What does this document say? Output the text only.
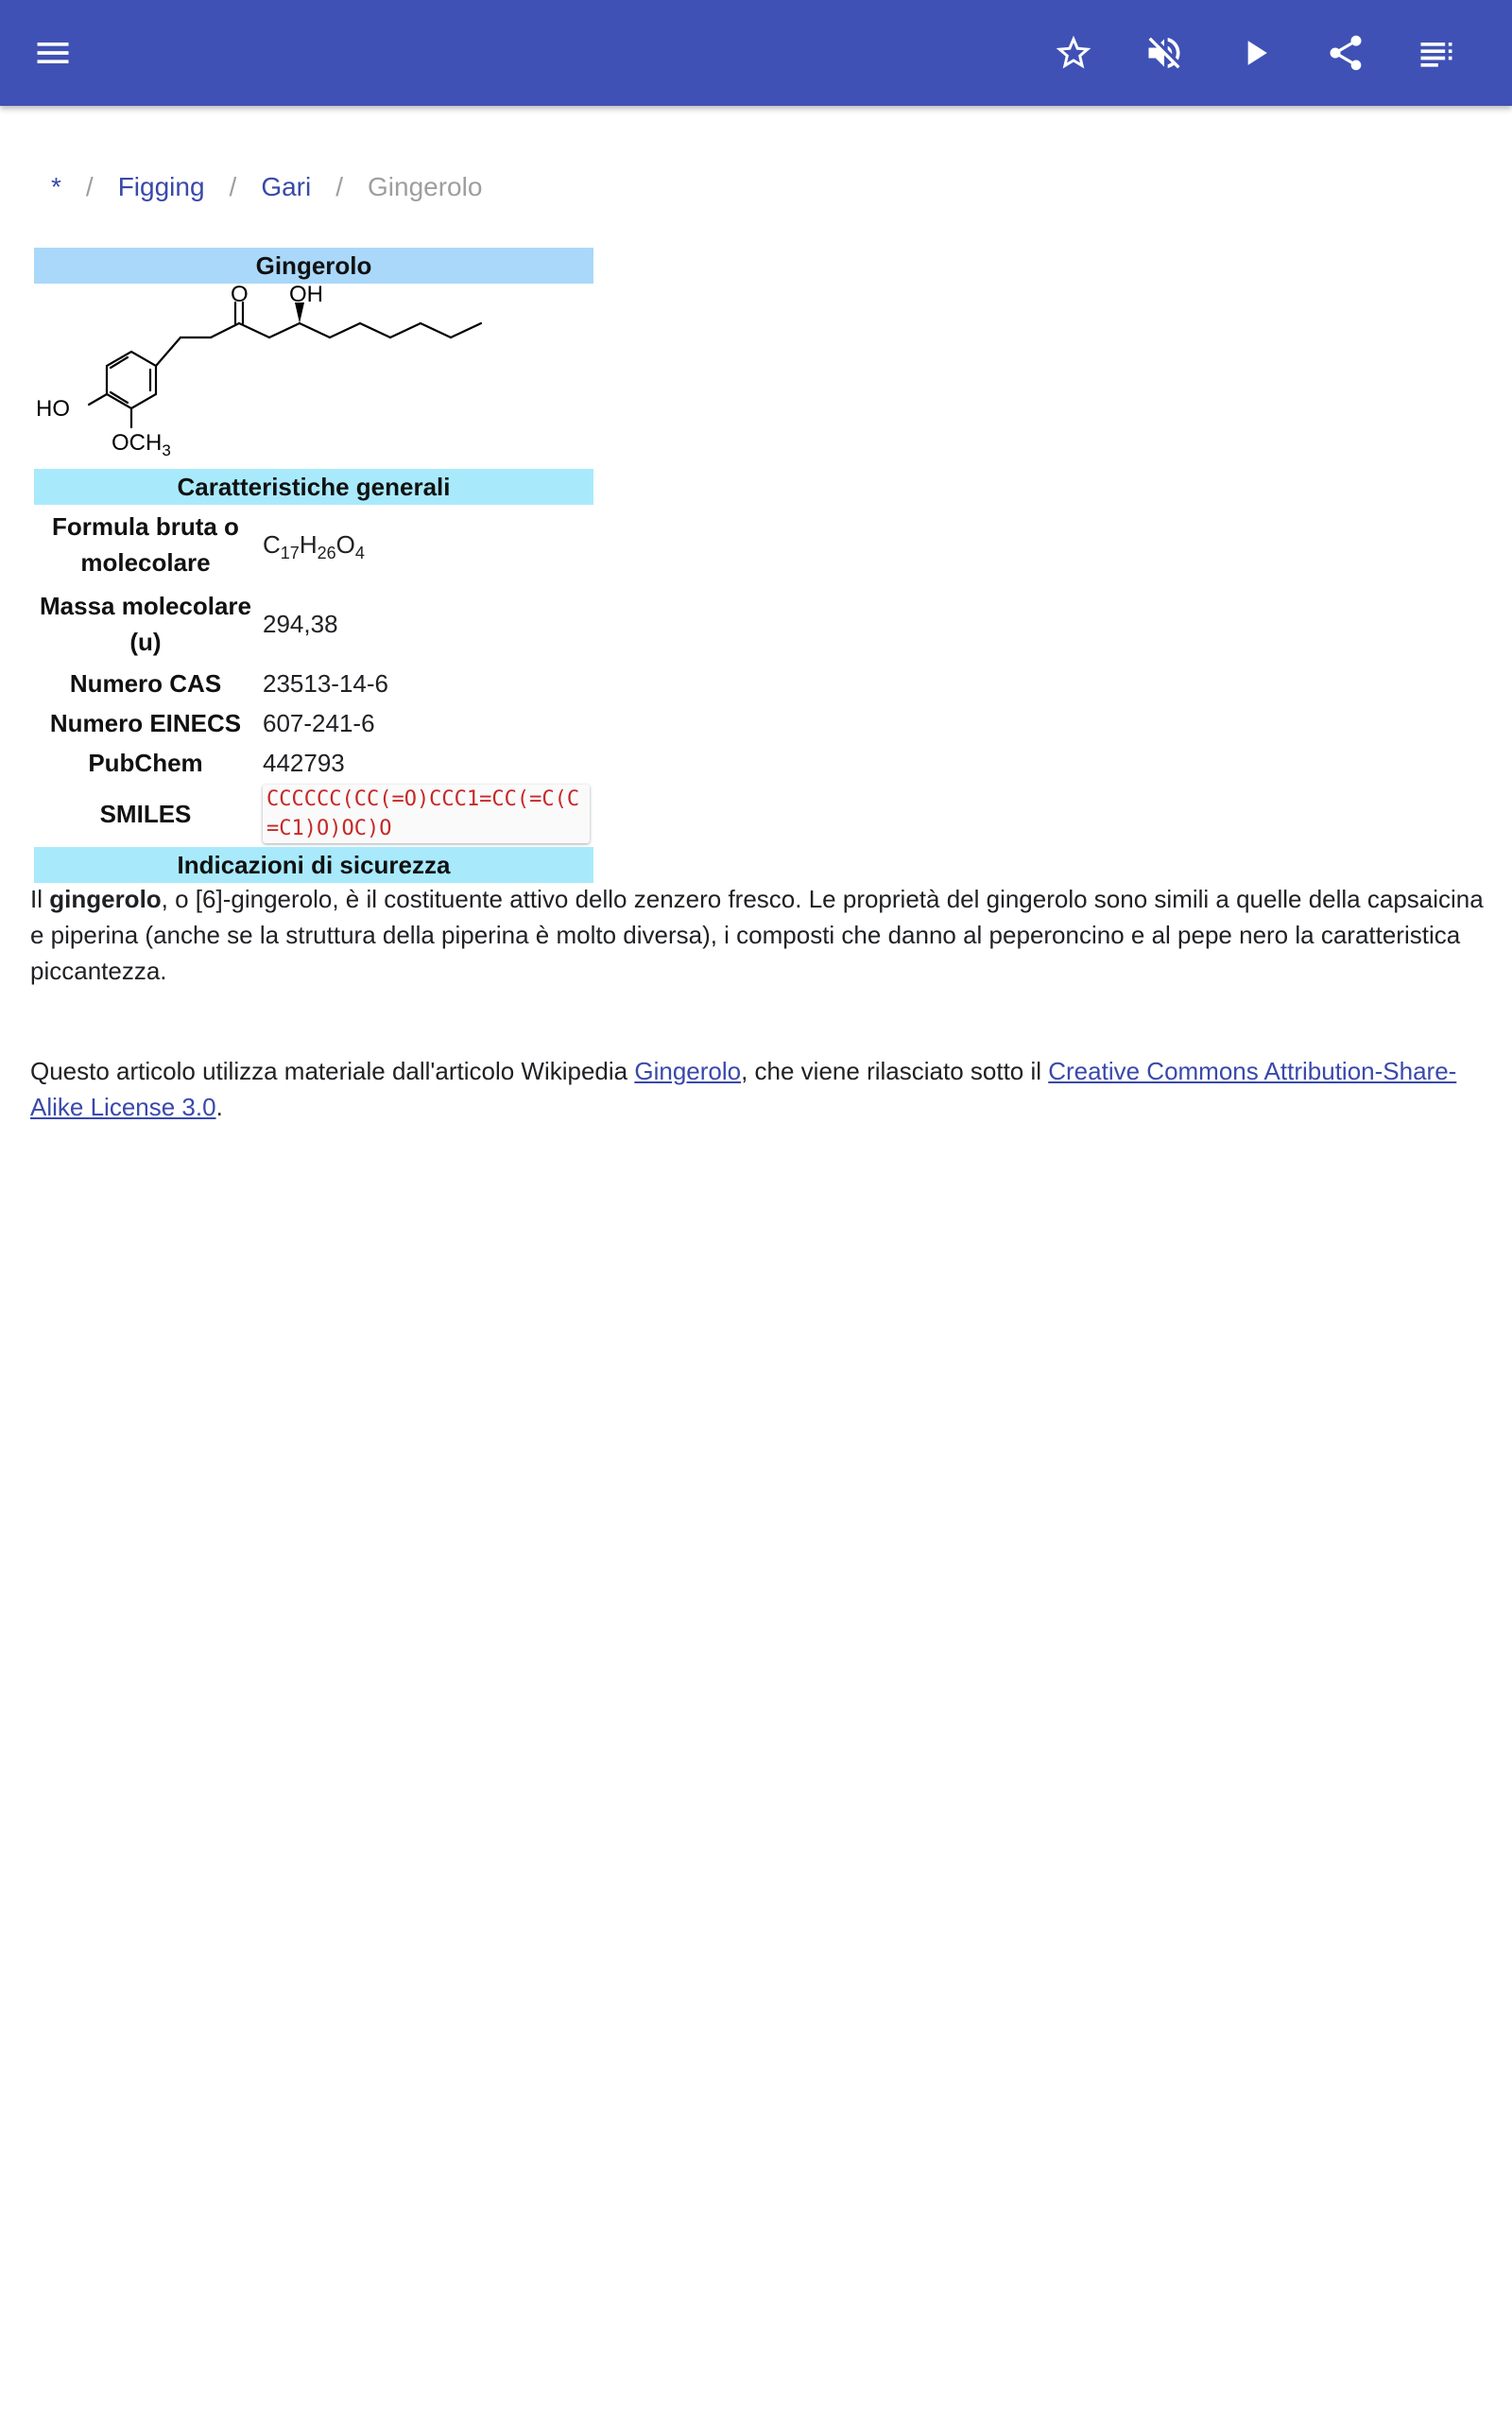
* / Figging / Gari / Gingerolo
Gingerolo
O OH
HO
$OCH_3$
Caratteristiche generali
Formula bruta o molecolare
$C_{17}H_{26}O_4$
Massa molecolare (u)
294,38
Numero CAS	23513-14-6
Numero EINECS 607-241-6
PubChem	442793
SMILES
CCCCCC(CC(=O)CCC1=CC(=C(C=C1)O)OC)O
Indicazioni di sicurezza

Il gingerolo, o [6]-gingerolo, è il costituente attivo dello zenzero fresco. Le proprietà del gingerolo sono simili a quelle della capsaicina e piperina (anche se la struttura della piperina è molto diversa), i composti che danno al peperoncino e al pepe nero la caratteristica piccantezza.

Questo articolo utilizza materiale dall'articolo Wikipedia Gingerolo, che viene rilasciato sotto il Creative Commons Attribution-Share-Alike License 3.0.
